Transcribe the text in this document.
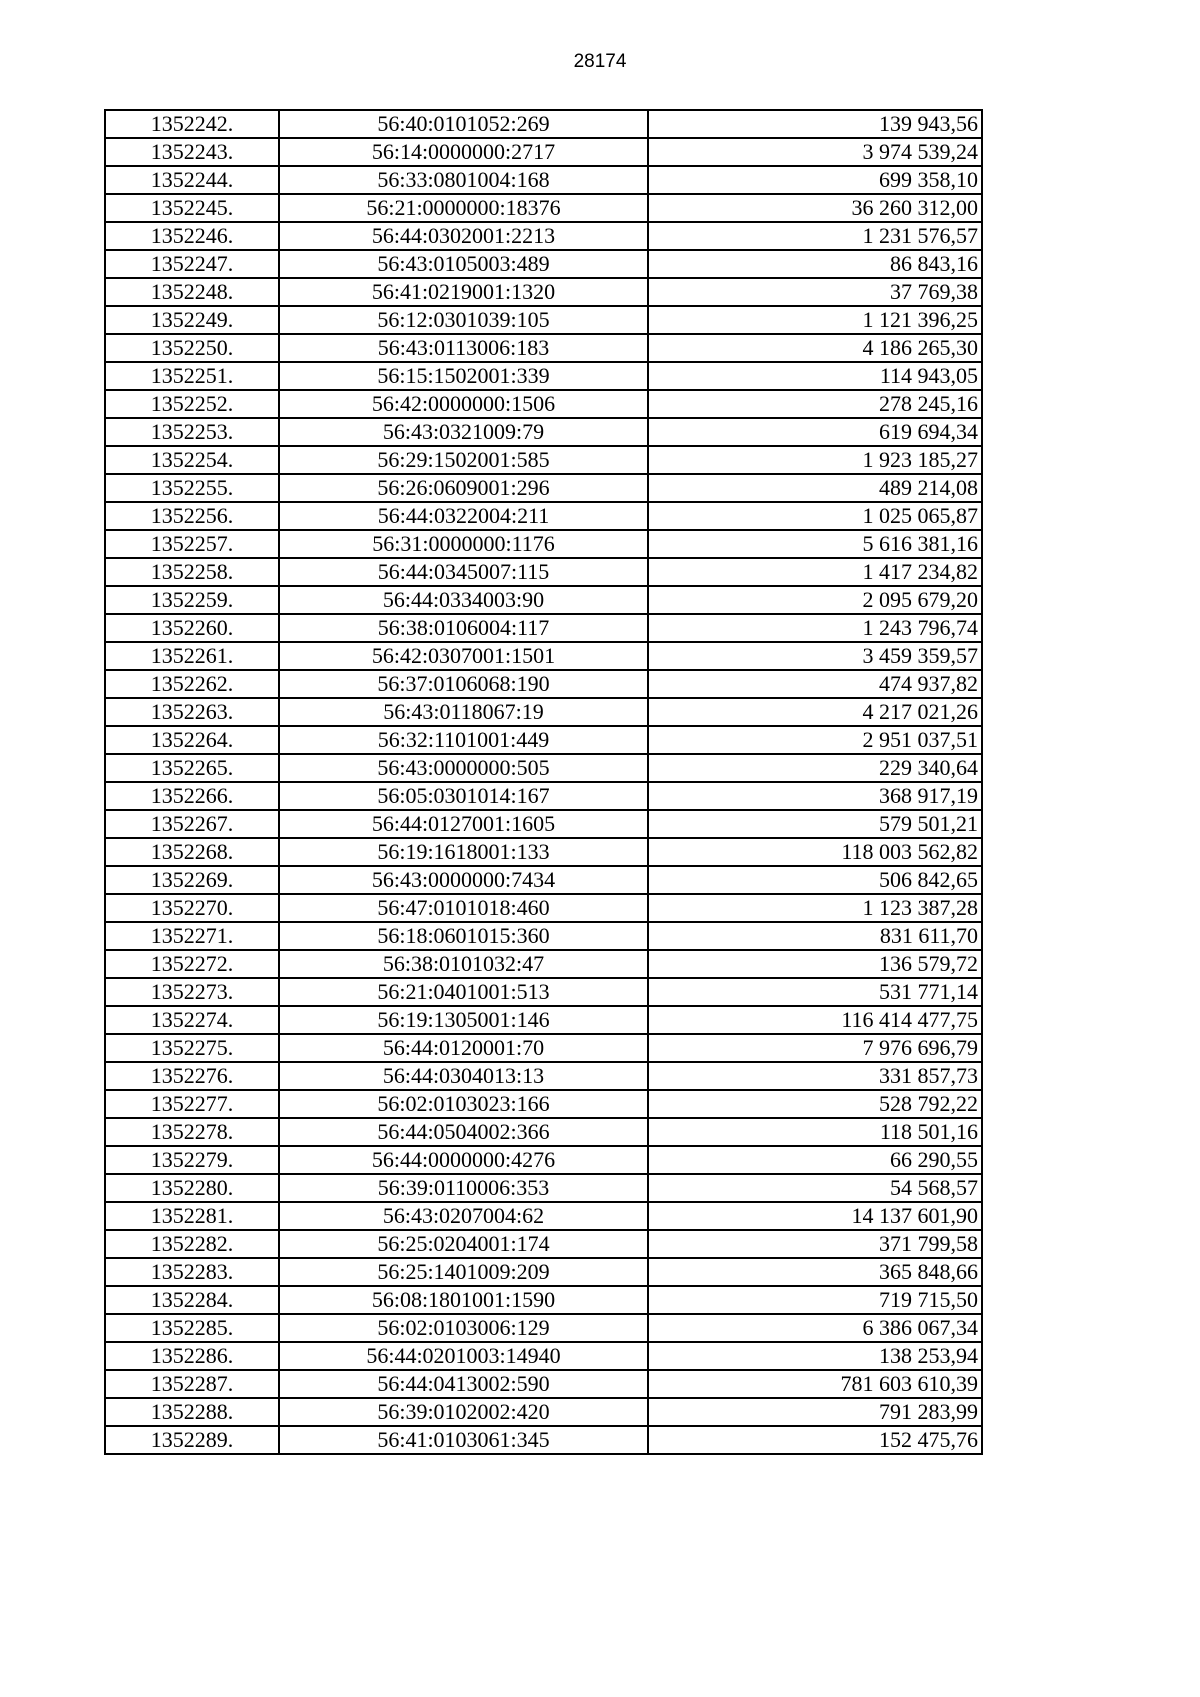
28174
1352242.	56:40:0101052:269	139 943,56
1352243.	56:14:0000000:2717	3 974 539,24
1352244.	56:33:0801004:168	699 358,10
1352245.	56:21:0000000:18376	36 260 312,00
1352246.	56:44:0302001:2213	1 231 576,57
1352247.	56:43:0105003:489	86 843,16
1352248.	56:41:0219001:1320	37 769,38
1352249.	56:12:0301039:105	1 121 396,25
1352250.	56:43:0113006:183	4 186 265,30
1352251.	56:15:1502001:339	114 943,05
1352252.	56:42:0000000:1506	278 245,16
1352253.	56:43:0321009:79	619 694,34
1352254.	56:29:1502001:585	1 923 185,27
1352255.	56:26:0609001:296	489 214,08
1352256.	56:44:0322004:211	1 025 065,87
1352257.	56:31:0000000:1176	5 616 381,16
1352258.	56:44:0345007:115	1 417 234,82
1352259.	56:44:0334003:90	2 095 679,20
1352260.	56:38:0106004:117	1 243 796,74
1352261.	56:42:0307001:1501	3 459 359,57
1352262.	56:37:0106068:190	474 937,82
1352263.	56:43:0118067:19	4 217 021,26
1352264.	56:32:1101001:449	2 951 037,51
1352265.	56:43:0000000:505	229 340,64
1352266.	56:05:0301014:167	368 917,19
1352267.	56:44:0127001:1605	579 501,21
1352268.	56:19:1618001:133	118 003 562,82
1352269.	56:43:0000000:7434	506 842,65
1352270.	56:47:0101018:460	1 123 387,28
1352271.	56:18:0601015:360	831 611,70
1352272.	56:38:0101032:47	136 579,72
1352273.	56:21:0401001:513	531 771,14
1352274.	56:19:1305001:146	116 414 477,75
1352275.	56:44:0120001:70	7 976 696,79
1352276.	56:44:0304013:13	331 857,73
1352277.	56:02:0103023:166	528 792,22
1352278.	56:44:0504002:366	118 501,16
1352279.	56:44:0000000:4276	66 290,55
1352280.	56:39:0110006:353	54 568,57
1352281.	56:43:0207004:62	14 137 601,90
1352282.	56:25:0204001:174	371 799,58
1352283.	56:25:1401009:209	365 848,66
1352284.	56:08:1801001:1590	719 715,50
1352285.	56:02:0103006:129	6 386 067,34
1352286.	56:44:0201003:14940	138 253,94
1352287.	56:44:0413002:590	781 603 610,39
1352288.	56:39:0102002:420	791 283,99
1352289.	56:41:0103061:345	152 475,76
